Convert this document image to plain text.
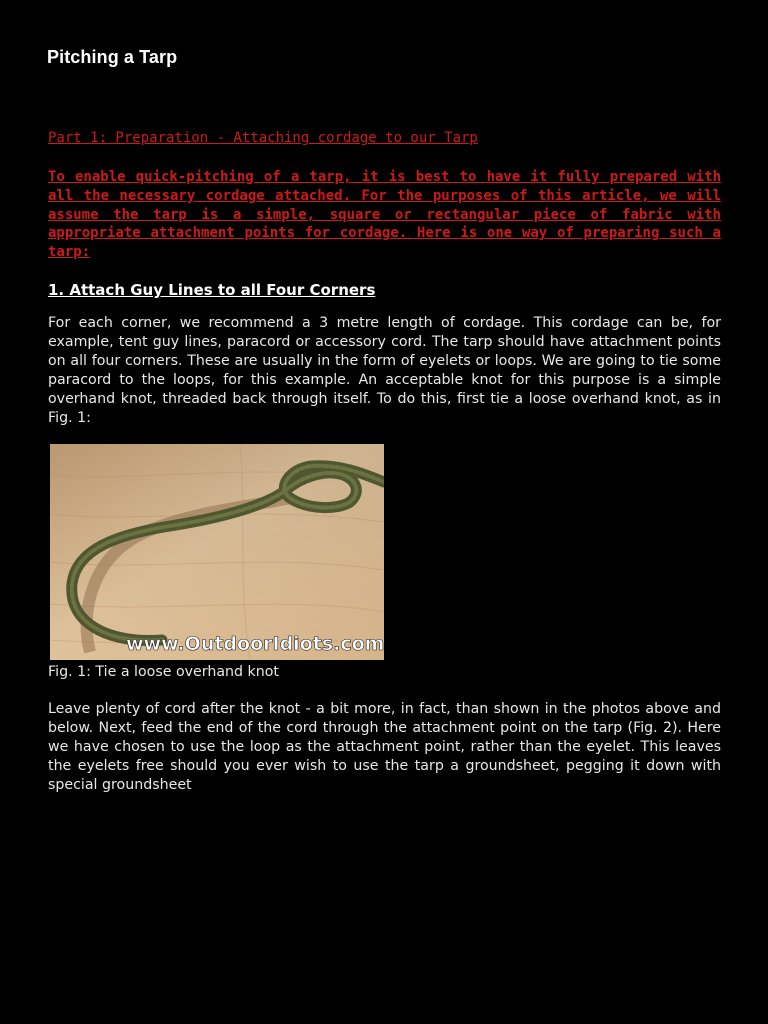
Pitching a Tarp
Part 1: Preparation - Attaching cordage to our Tarp
To enable quick-pitching of a tarp, it is best to have it fully prepared with all the necessary cordage attached. For the purposes of this article, we will assume the tarp is a simple, square or rectangular piece of fabric with appropriate attachment points for cordage. Here is one way of preparing such a tarp:
1. Attach Guy Lines to all Four Corners

For each corner, we recommend a 3 metre length of cordage. This cordage can be, for example, tent guy lines, paracord or accessory cord. The tarp should have attachment points on all four corners. These are usually in the form of eyelets or loops. We are going to tie some paracord to the loops, for this example. An acceptable knot for this purpose is a simple overhand knot, threaded back through itself. To do this, first tie a loose overhand knot, as in Fig. 1:

www.OutdoorIdiots.com
Fig. 1: Tie a loose overhand knot

Leave plenty of cord after the knot - a bit more, in fact, than shown in the photos above and below. Next, feed the end of the cord through the attachment point on the tarp (Fig. 2). Here we have chosen to use the loop as the attachment point, rather than the eyelet. This leaves the eyelets free should you ever wish to use the tarp a groundsheet, pegging it down with special groundsheet
